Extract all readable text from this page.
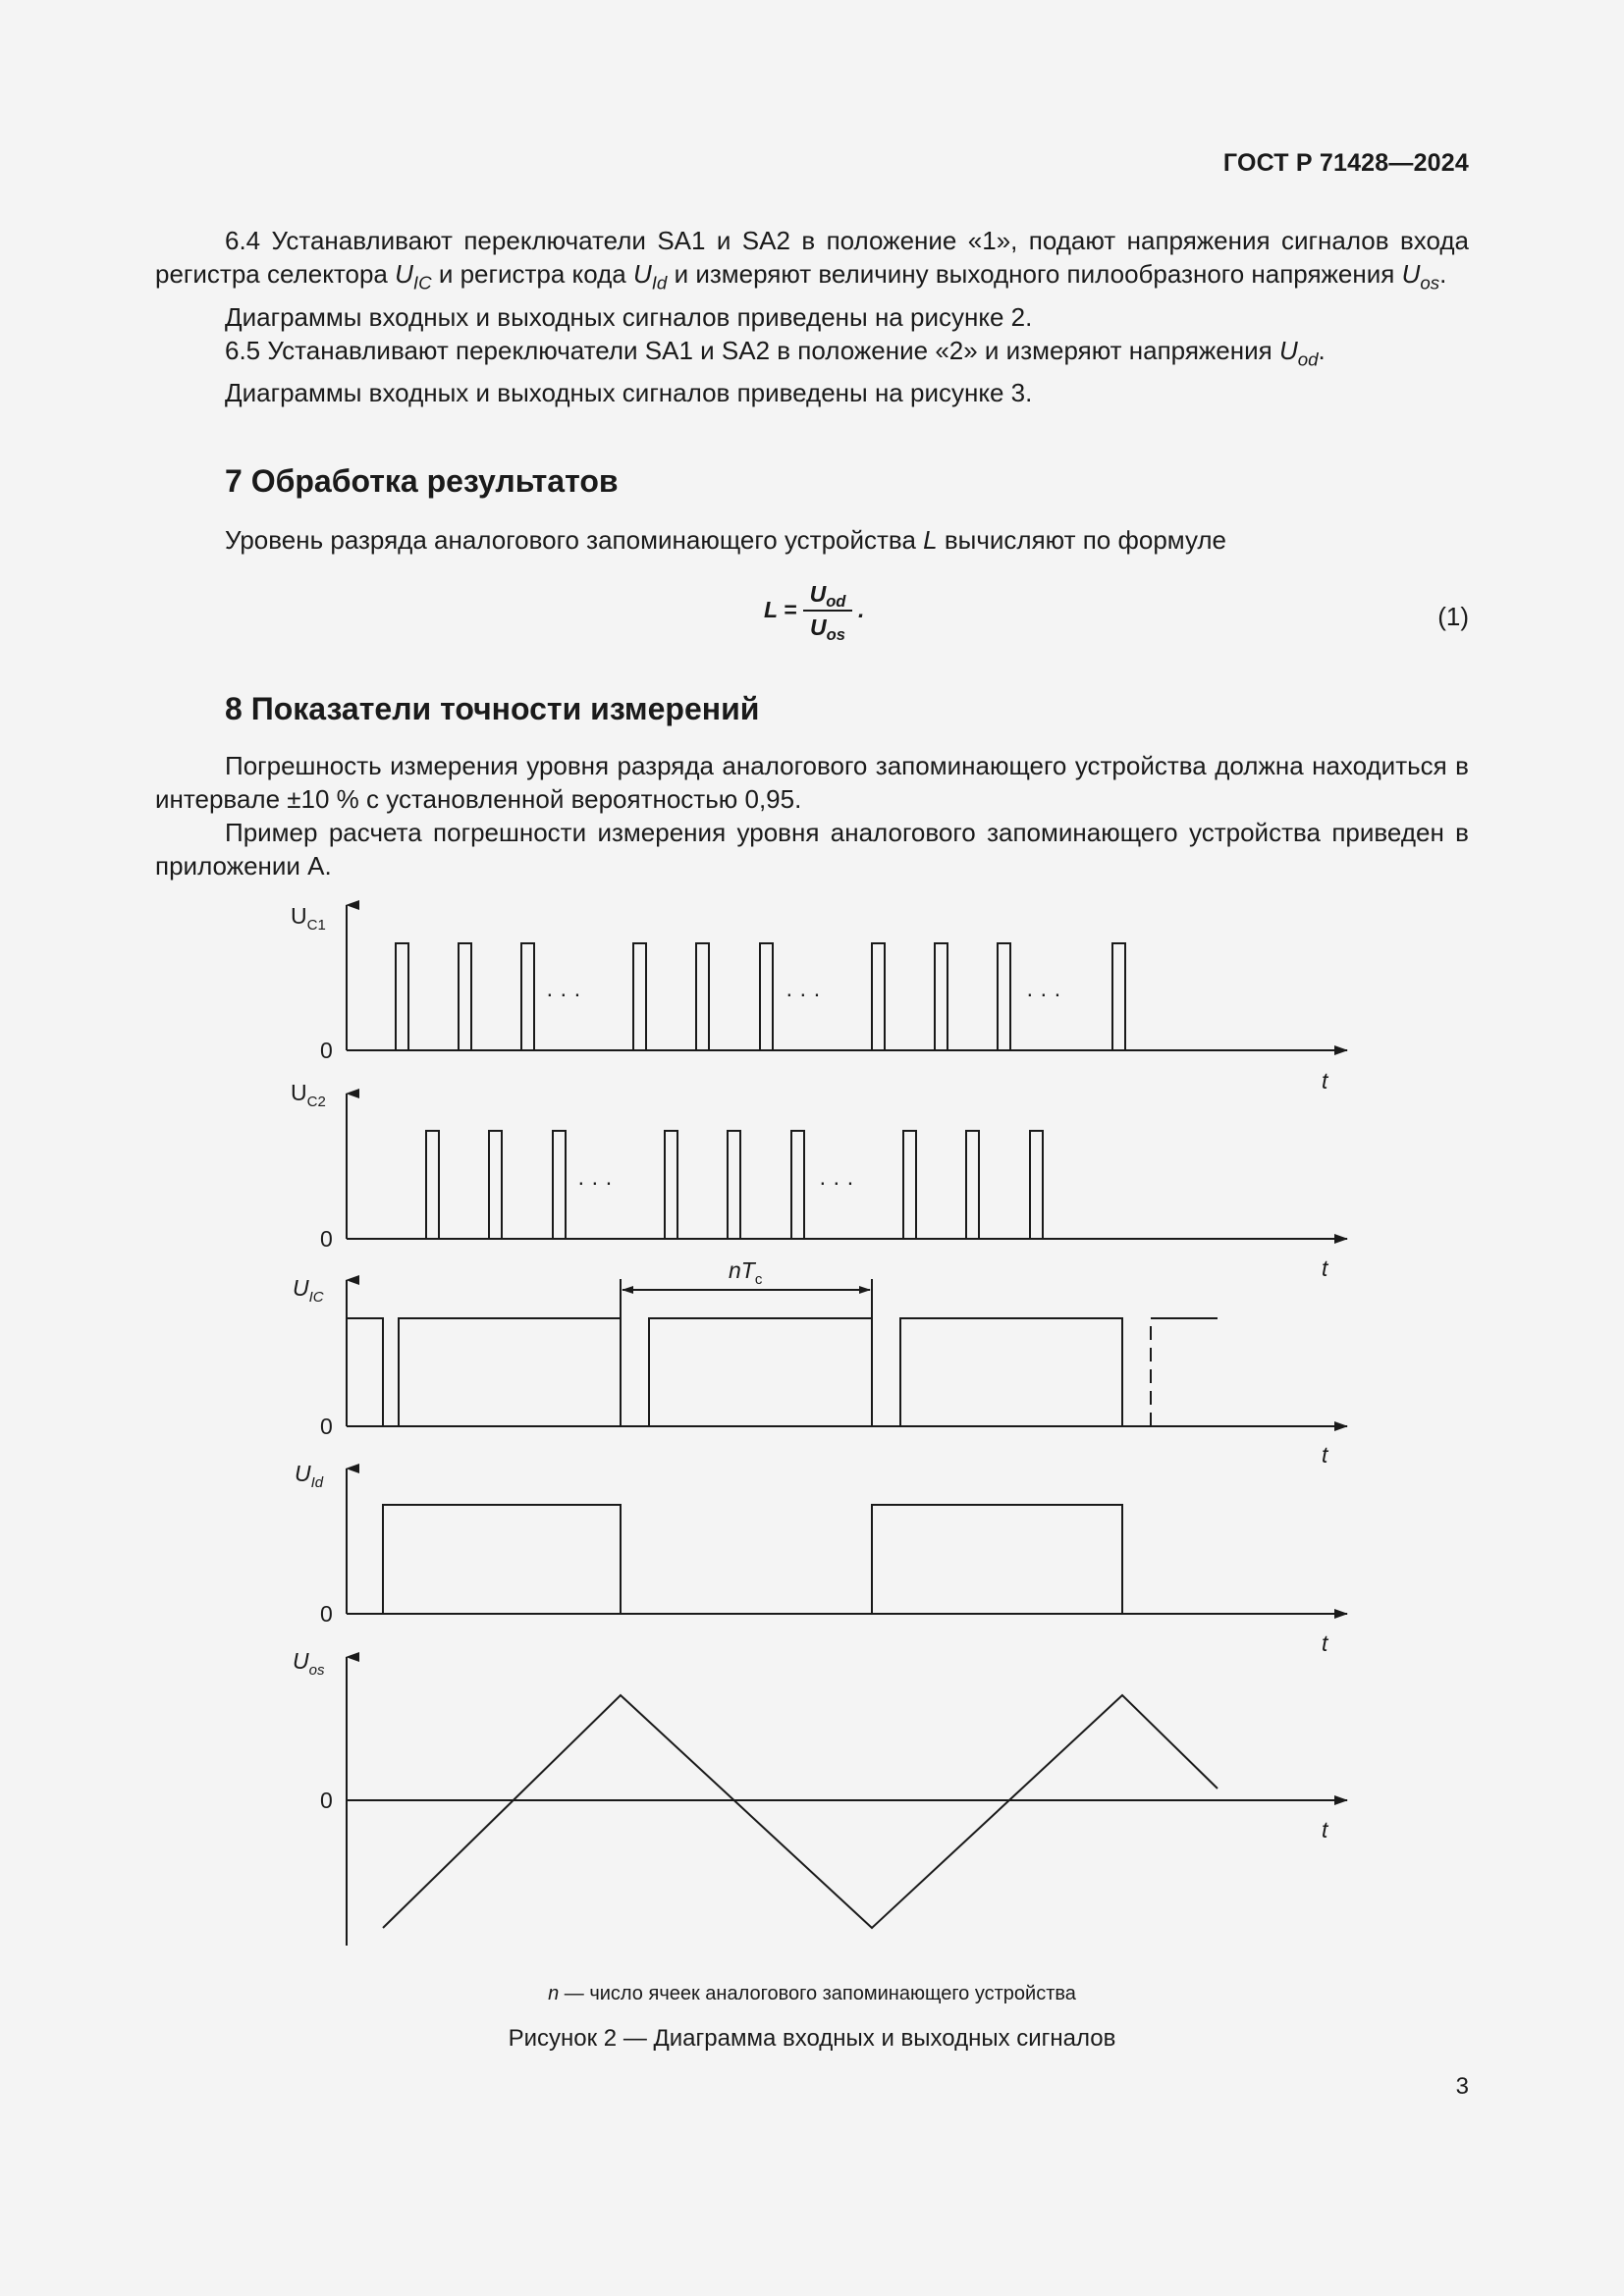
ГОСТ Р 71428—2024

6.4 Устанавливают переключатели SA1 и SA2 в положение «1», подают напряжения сигналов входа регистра селектора $U_{IC}$ и регистра кода $U_{Id}$ и измеряют величину выходного пилообразного напряжения $U_{os}$.

Диаграммы входных и выходных сигналов приведены на рисунке 2.

6.5 Устанавливают переключатели SA1 и SA2 в положение «2» и измеряют напряжения $U_{od}$.

Диаграммы входных и выходных сигналов приведены на рисунке 3.

7 Обработка результатов

Уровень разряда аналогового запоминающего устройства L вычисляют по формуле

L =
$U_{od}$
$U_{os}$
.	(1)
8 Показатели точности измерений

Погрешность измерения уровня разряда аналогового запоминающего устройства должна находиться в интервале ±10 % с установленной вероятностью 0,95.

Пример расчета погрешности измерения уровня аналогового запоминающего устройства приведен в приложении А.

· · ·	· · ·	· · ·
· · ·	· · ·
UC1
0
t
UC2
0
t
UIC
0
t
nTc
UId
0
t
Uos
0
t
n — число ячеек аналогового запоминающего устройства
Рисунок 2 — Диаграмма входных и выходных сигналов
3
